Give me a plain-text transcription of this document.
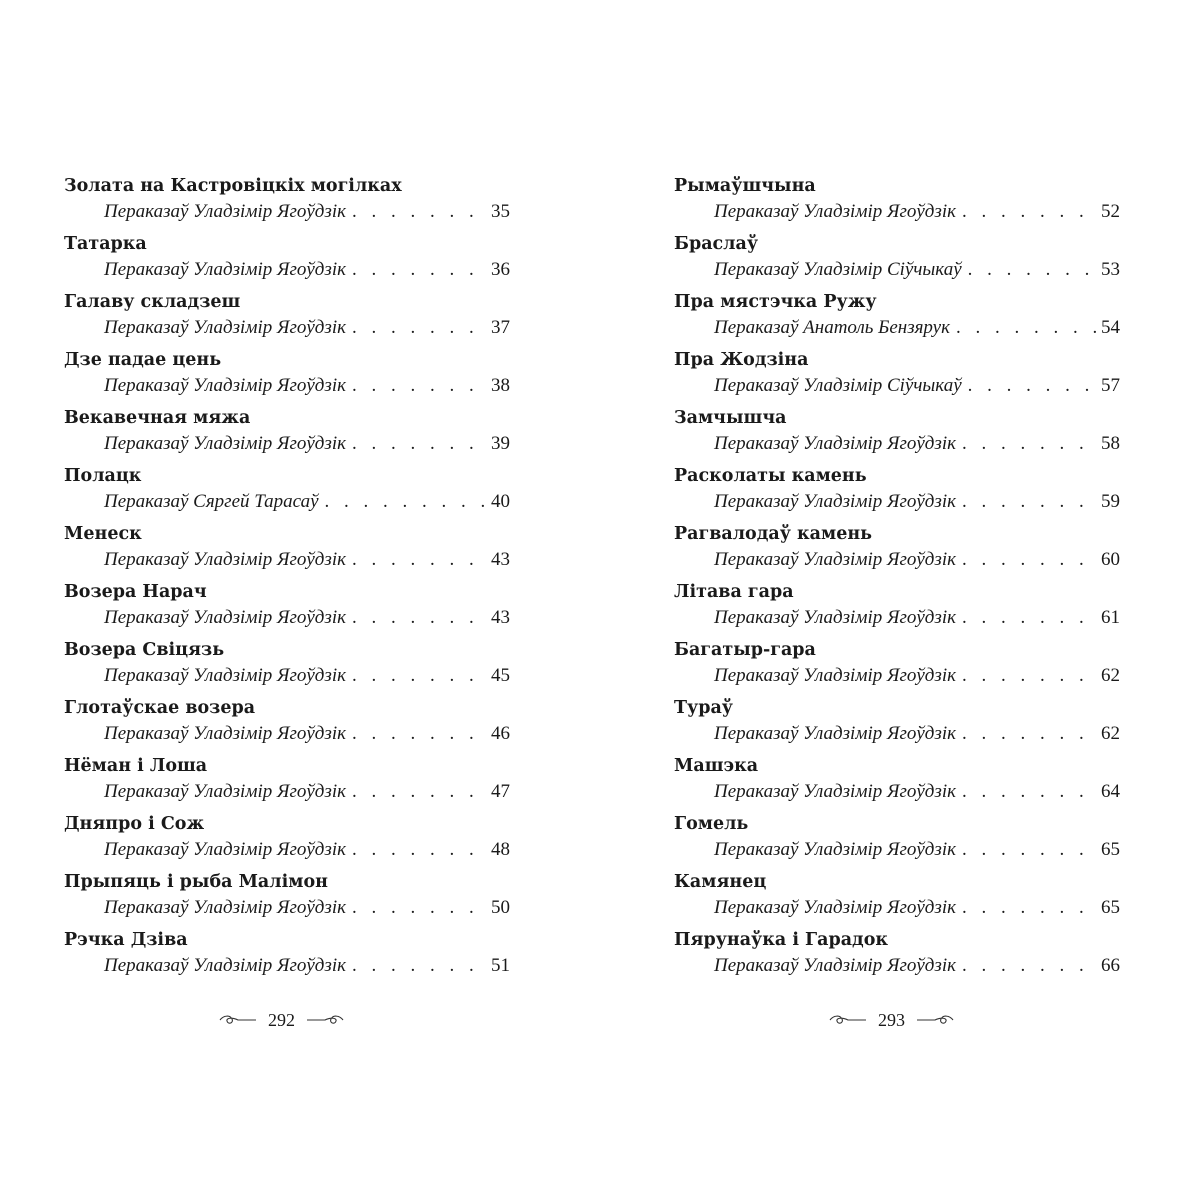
Золата на Кастровіцкіх могілках
Пераказаў Уладзімір Ягоўдзік . . .	35
Татарка
Пераказаў Уладзімір Ягоўдзік . . .	36
Галаву складзеш
Пераказаў Уладзімір Ягоўдзік . . .	37
Дзе падае цень
Пераказаў Уладзімір Ягоўдзік . . .	38
Векавечная мяжа
Пераказаў Уладзімір Ягоўдзік . . .	39
Полацк
Пераказаў Сяргей Тарасаў . . .	40
Менеск
Пераказаў Уладзімір Ягоўдзік . . .	43
Возера Нарач
Пераказаў Уладзімір Ягоўдзік . . .	43
Возера Свіцязь
Пераказаў Уладзімір Ягоўдзік . . .	45
Глотаўскае возера
Пераказаў Уладзімір Ягоўдзік . . .	46
Нёман і Лоша
Пераказаў Уладзімір Ягоўдзік . . .	47
Дняпро і Сож
Пераказаў Уладзімір Ягоўдзік . . .	48
Прыпяць і рыба Малімон
Пераказаў Уладзімір Ягоўдзік . . .	50
Рэчка Дзіва
Пераказаў Уладзімір Ягоўдзік . . .	51
Рымаўшчына
Пераказаў Уладзімір Ягоўдзік . . .	52
Браслаў
Пераказаў Уладзімір Сіўчыкаў . . .	53
Пра мястэчка Ружу
Пераказаў Анатоль Бензярук . . .	54
Пра Жодзіна
Пераказаў Уладзімір Сіўчыкаў . . .	57
Замчышча
Пераказаў Уладзімір Ягоўдзік . . .	58
Расколаты камень
Пераказаў Уладзімір Ягоўдзік . . .	59
Рагвалодаў камень
Пераказаў Уладзімір Ягоўдзік . . .	60
Літава гара
Пераказаў Уладзімір Ягоўдзік . . .	61
Багатыр-гара
Пераказаў Уладзімір Ягоўдзік . . .	62
Тураў
Пераказаў Уладзімір Ягоўдзік . . .	62
Машэка
Пераказаў Уладзімір Ягоўдзік . . .	64
Гомель
Пераказаў Уладзімір Ягоўдзік . . .	65
Камянец
Пераказаў Уладзімір Ягоўдзік . . .	65
Пярунаўка і Гарадок
Пераказаў Уладзімір Ягоўдзік . . .	66
292	293
